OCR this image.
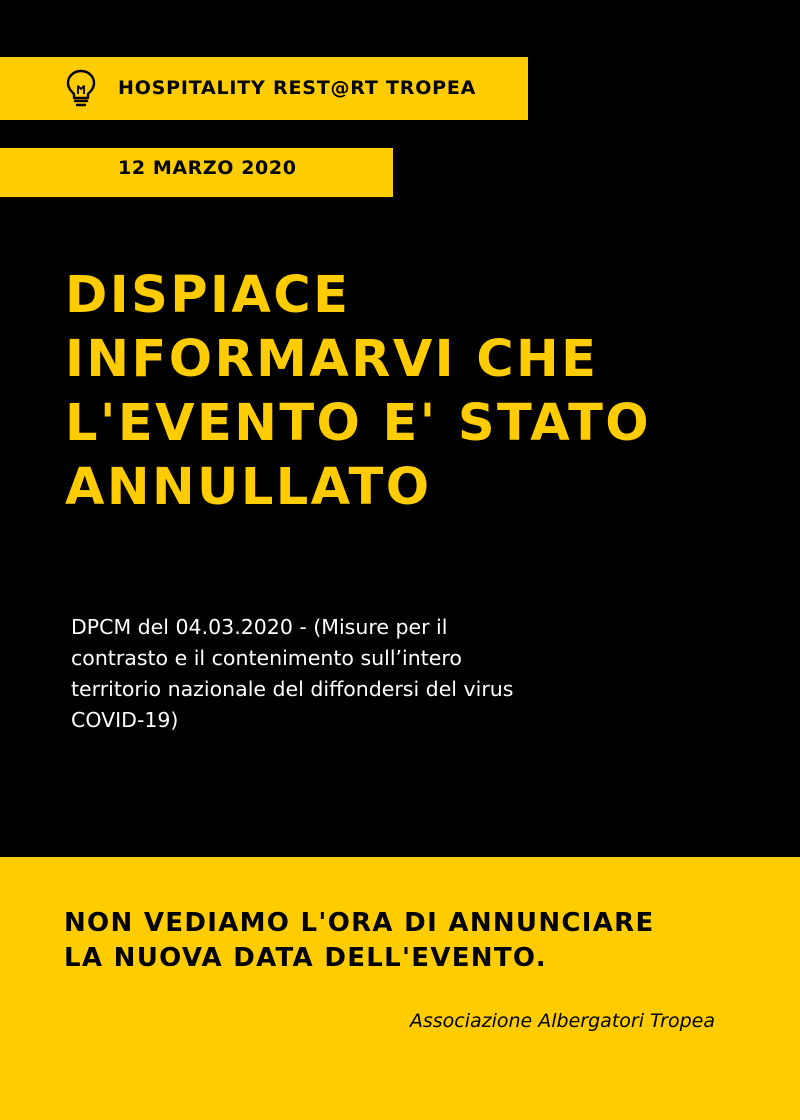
HOSPITALITY REST@RT TROPEA
12 MARZO 2020
DISPIACE
INFORMARVI CHE
L'EVENTO E' STATO
ANNULLATO
DPCM del 04.03.2020 - (Misure per il
contrasto e il contenimento sull’intero
territorio nazionale del diffondersi del virus
COVID-19)
NON VEDIAMO L'ORA DI ANNUNCIARE
LA NUOVA DATA DELL'EVENTO.
Associazione Albergatori Tropea
